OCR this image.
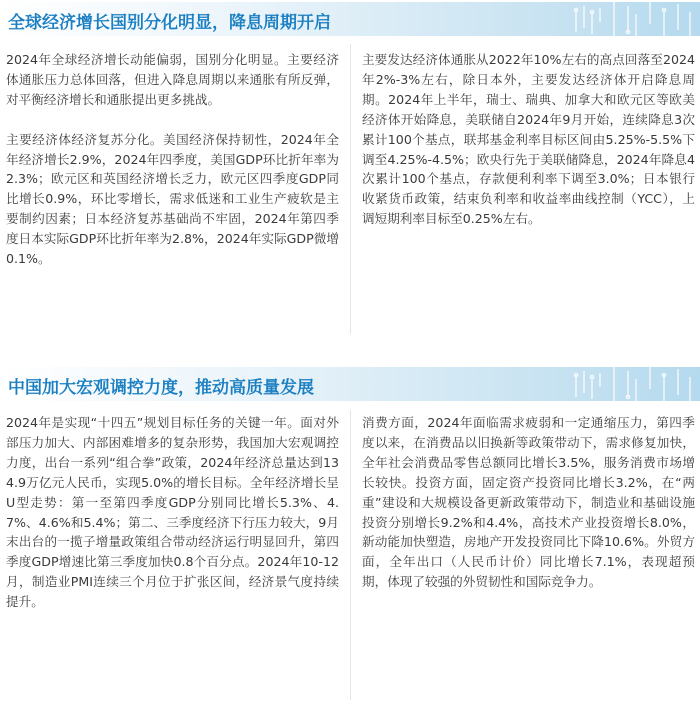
全球经济增长国别分化明显，降息周期开启

2024年全球经济增长动能偏弱，国别分化明显。主要经济体通胀压力总体回落，但进入降息周期以来通胀有所反弹，对平衡经济增长和通胀提出更多挑战。

主要经济体经济复苏分化。美国经济保持韧性，2024年全年经济增长2.9%，2024年四季度，美国GDP环比折年率为2.3%；欧元区和英国经济增长乏力，欧元区四季度GDP同比增长0.9%，环比零增长，需求低迷和工业生产疲软是主要制约因素；日本经济复苏基础尚不牢固，2024年第四季度日本实际GDP环比折年率为2.8%，2024年实际GDP微增0.1%。

主要发达经济体通胀从2022年10%左右的高点回落至2024年2%-3%左右，除日本外，主要发达经济体开启降息周期。2024年上半年，瑞士、瑞典、加拿大和欧元区等欧美经济体开始降息，美联储自2024年9月开始，连续降息3次累计100个基点，联邦基金利率目标区间由5.25%-5.5%下调至4.25%-4.5%；欧央行先于美联储降息，2024年降息4次累计100个基点，存款便利利率下调至3.0%；日本银行收紧货币政策，结束负利率和收益率曲线控制（YCC），上调短期利率目标至0.25%左右。

中国加大宏观调控力度，推动高质量发展

2024年是实现“十四五”规划目标任务的关键一年。面对外部压力加大、内部困难增多的复杂形势，我国加大宏观调控力度，出台一系列“组合拳”政策，2024年经济总量达到134.9万亿元人民币，实现5.0%的增长目标。全年经济增长呈U型走势：第一至第四季度GDP分别同比增长5.3%、4.7%、4.6%和5.4%；第二、三季度经济下行压力较大，9月末出台的一揽子增量政策组合带动经济运行明显回升，第四季度GDP增速比第三季度加快0.8个百分点。2024年10-12月，制造业PMI连续三个月位于扩张区间，经济景气度持续提升。

消费方面，2024年面临需求疲弱和一定通缩压力，第四季度以来，在消费品以旧换新等政策带动下，需求修复加快，全年社会消费品零售总额同比增长3.5%，服务消费市场增长较快。投资方面，固定资产投资同比增长3.2%，在“两重”建设和大规模设备更新政策带动下，制造业和基础设施投资分别增长9.2%和4.4%，高技术产业投资增长8.0%，新动能加快塑造，房地产开发投资同比下降10.6%。外贸方面，全年出口（人民币计价）同比增长7.1%，表现超预期，体现了较强的外贸韧性和国际竞争力。
